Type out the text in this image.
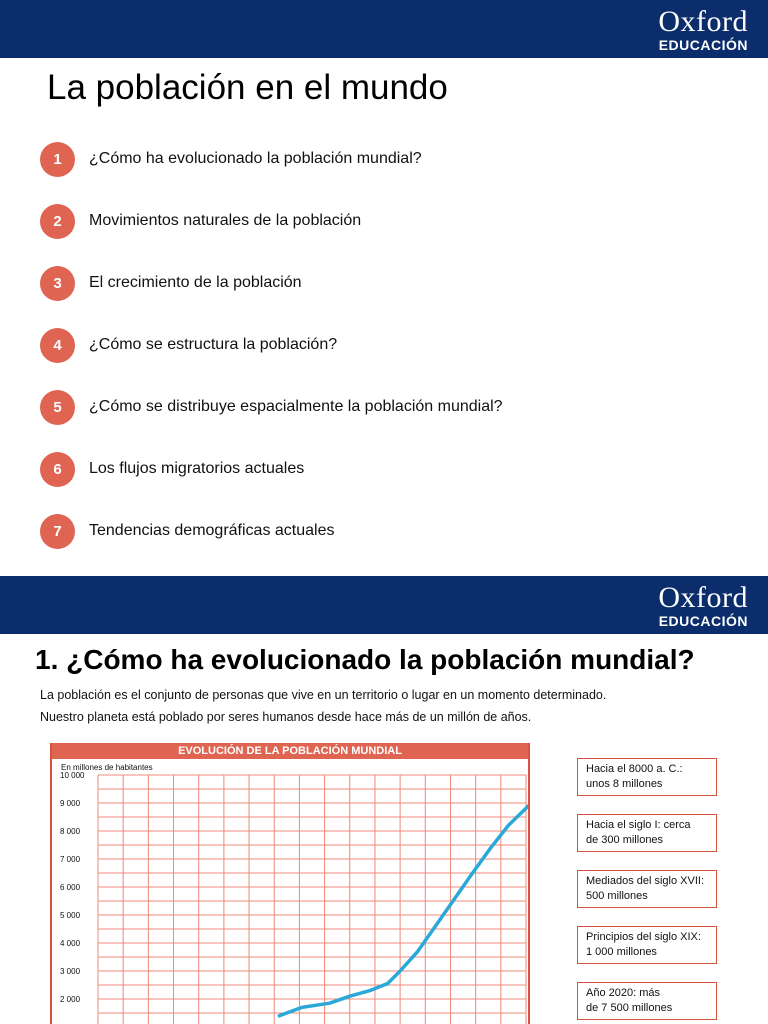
Oxford
EDUCACIÓN
La población en el mundo
1	¿Cómo ha evolucionado la población mundial?
2	Movimientos naturales de la población
3	El crecimiento de la población
4	¿Cómo se estructura la población?
5	¿Cómo se distribuye espacialmente la población mundial?
6	Los flujos migratorios actuales
7	Tendencias demográficas actuales
Oxford
EDUCACIÓN
1. ¿Cómo ha evolucionado la población mundial?
La población es el conjunto de personas que vive en un territorio o lugar en un momento determinado.
Nuestro planeta está poblado por seres humanos desde hace más de un millón de años.
EVOLUCIÓN DE LA POBLACIÓN MUNDIAL
En millones de habitantes
10 000
9 000
8 000
7 000
6 000
5 000
4 000
3 000
2 000
Hacia el 8000 a. C.:
unos 8 millones
Hacia el siglo I: cerca
de 300 millones
Mediados del siglo XVII:
500 millones
Principios del siglo XIX:
1 000 millones
Año 2020: más
de 7 500 millones
